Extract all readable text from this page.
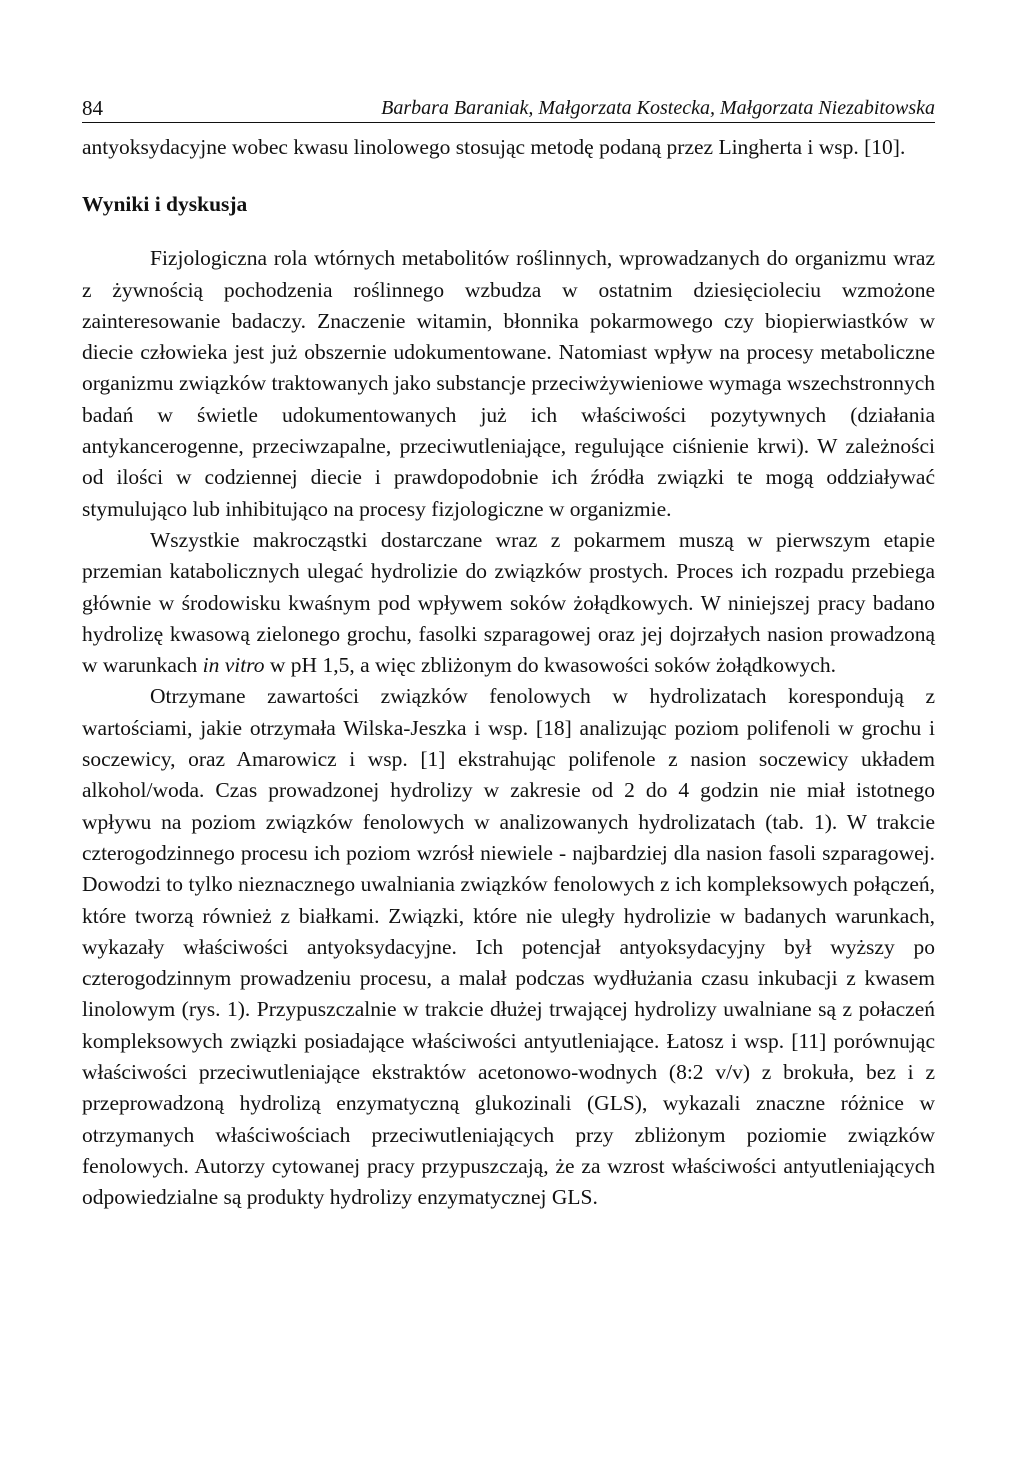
84	Barbara Baraniak, Małgorzata Kostecka, Małgorzata Niezabitowska

antyoksydacyjne wobec kwasu linolowego stosując metodę podaną przez Lingherta i wsp. [10].

Wyniki i dyskusja

Fizjologiczna rola wtórnych metabolitów roślinnych, wprowadzanych do organizmu wraz z żywnością pochodzenia roślinnego wzbudza w ostatnim dziesięcioleciu wzmożone zainteresowanie badaczy. Znaczenie witamin, błonnika pokarmowego czy biopierwiastków w diecie człowieka jest już obszernie udokumentowane. Natomiast wpływ na procesy metaboliczne organizmu związków traktowanych jako substancje przeciwżywieniowe wymaga wszechstronnych badań w świetle udokumentowanych już ich właściwości pozytywnych (działania antykancerogenne, przeciwzapalne, przeciwutleniające, regulujące ciśnienie krwi). W zależności od ilości w codziennej diecie i prawdopodobnie ich źródła związki te mogą oddziaływać stymulująco lub inhibitująco na procesy fizjologiczne w organizmie.

Wszystkie makrocząstki dostarczane wraz z pokarmem muszą w pierwszym etapie przemian katabolicznych ulegać hydrolizie do związków prostych. Proces ich rozpadu przebiega głównie w środowisku kwaśnym pod wpływem soków żołądkowych. W niniejszej pracy badano hydrolizę kwasową zielonego grochu, fasolki szparagowej oraz jej dojrzałych nasion prowadzoną w warunkach in vitro w pH 1,5, a więc zbliżonym do kwasowości soków żołądkowych.

Otrzymane zawartości związków fenolowych w hydrolizatach korespondują z wartościami, jakie otrzymała Wilska-Jeszka i wsp. [18] analizując poziom polifenoli w grochu i soczewicy, oraz Amarowicz i wsp. [1] ekstrahując polifenole z nasion soczewicy układem alkohol/woda. Czas prowadzonej hydrolizy w zakresie od 2 do 4 godzin nie miał istotnego wpływu na poziom związków fenolowych w analizowanych hydrolizatach (tab. 1). W trakcie czterogodzinnego procesu ich poziom wzrósł niewiele - najbardziej dla nasion fasoli szparagowej. Dowodzi to tylko nieznacznego uwalniania związków fenolowych z ich kompleksowych połączeń, które tworzą również z białkami. Związki, które nie uległy hydrolizie w badanych warunkach, wykazały właściwości antyoksydacyjne. Ich potencjał antyoksydacyjny był wyższy po czterogodzinnym prowadzeniu procesu, a malał podczas wydłużania czasu inkubacji z kwasem linolowym (rys. 1). Przypuszczalnie w trakcie dłużej trwającej hydrolizy uwalniane są z połaczeń kompleksowych związki posiadające właściwości antyutleniające. Łatosz i wsp. [11] porównując właściwości przeciwutleniające ekstraktów acetonowo-wodnych (8:2 v/v) z brokuła, bez i z przeprowadzoną hydrolizą enzymatyczną glukozinali (GLS), wykazali znaczne różnice w otrzymanych właściwościach przeciwutleniających przy zbliżonym poziomie związków fenolowych. Autorzy cytowanej pracy przypuszczają, że za wzrost właściwości antyutleniających odpowiedzialne są produkty hydrolizy enzymatycznej GLS.
